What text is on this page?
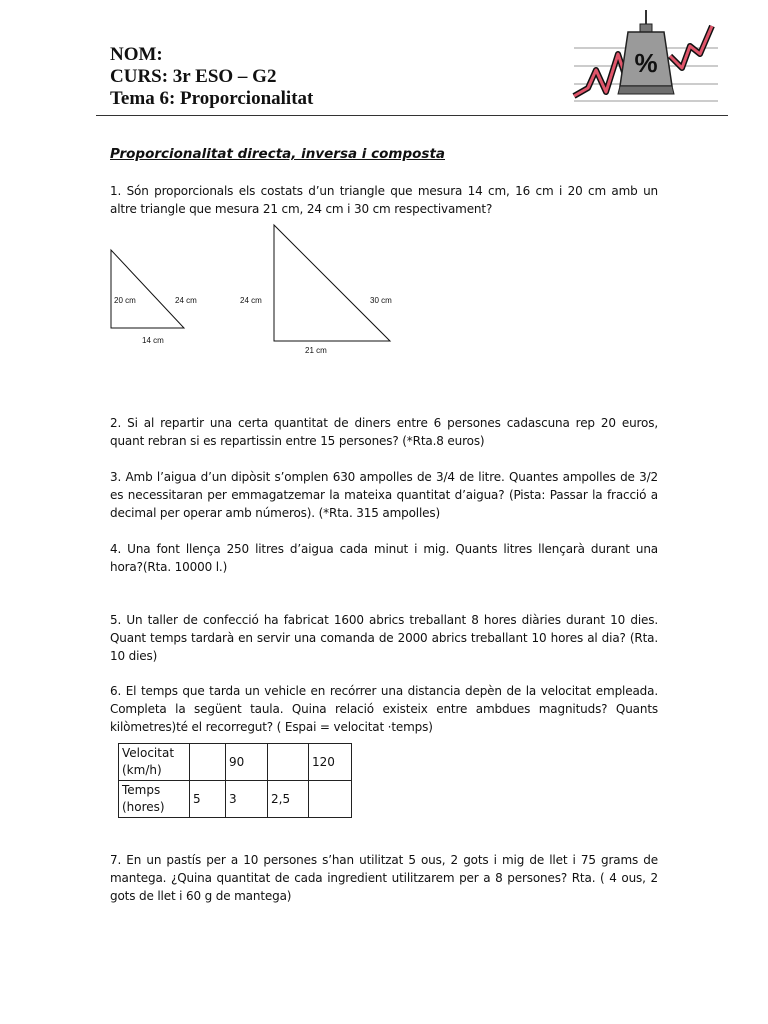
NOM:
CURS: 3r ESO – G2
Tema 6: Proporcionalitat
%
Proporcionalitat directa, inversa i composta
1. Són proporcionals els costats d’un triangle que mesura 14 cm, 16 cm i 20 cm amb un altre triangle que mesura 21 cm, 24 cm i 30 cm respectivament?
20 cm	24 cm
14 cm
24 cm	30 cm
21 cm
2. Si al repartir una certa quantitat de diners entre 6 persones cadascuna rep 20 euros, quant rebran si es repartissin entre 15 persones? (*Rta.8 euros)
3. Amb l’aigua d’un dipòsit s’omplen 630 ampolles de 3/4 de litre. Quantes ampolles de 3/2 es necessitaran per emmagatzemar la mateixa quantitat d’aigua? (Pista: Passar la fracció a decimal per operar amb números). (*Rta. 315 ampolles)
4. Una font llença 250 litres d’aigua cada minut i mig. Quants litres llençarà durant una hora?(Rta. 10000 l.)
5. Un taller de confecció ha fabricat 1600 abrics treballant 8 hores diàries durant 10 dies. Quant temps tardarà en servir una comanda de 2000 abrics treballant 10 hores al dia? (Rta. 10 dies)
6. El temps que tarda un vehicle en recórrer una distancia depèn de la velocitat empleada. Completa la següent taula. Quina relació existeix entre ambdues magnituds? Quants kilòmetres)té el recorregut? ( Espai = velocitat ·temps)
Velocitat
(km/h)		90		120
Temps
(hores)	5	3	2,5	
7. En un pastís per a 10 persones s’han utilitzat 5 ous, 2 gots i mig de llet i 75 grams de mantega. ¿Quina quantitat de cada ingredient utilitzarem per a 8 persones? Rta. ( 4 ous, 2 gots de llet i 60 g de mantega)
